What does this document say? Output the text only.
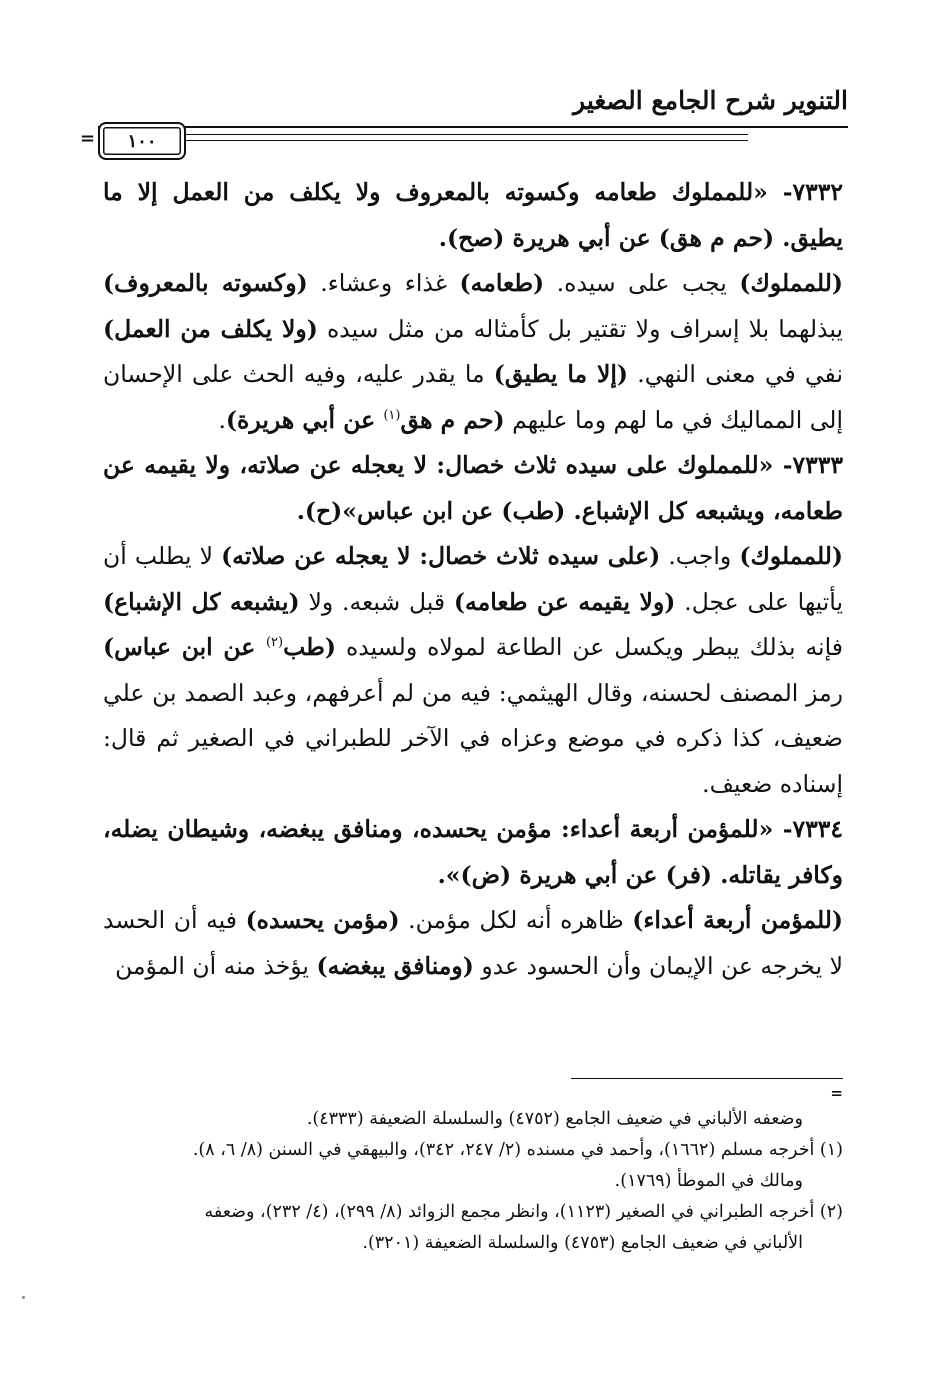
التنوير شرح الجامع الصغير
١٠٠
=

٧٣٣٢- «للمملوك طعامه وكسوته بالمعروف ولا يكلف من العمل إلا ما يطيق. (حم م هق) عن أبي هريرة (صح).

(للمملوك) يجب على سيده. (طعامه) غذاء وعشاء. (وكسوته بالمعروف) يبذلهما بلا إسراف ولا تقتير بل كأمثاله من مثل سيده (ولا يكلف من العمل) نفي في معنى النهي. (إلا ما يطيق) ما يقدر عليه، وفيه الحث على الإحسان إلى المماليك في ما لهم وما عليهم (حم م هق$^{(١)}$ عن أبي هريرة).

٧٣٣٣- «للمملوك على سيده ثلاث خصال: لا يعجله عن صلاته، ولا يقيمه عن طعامه، ويشبعه كل الإشباع. (طب) عن ابن عباس»(ح).

(للمملوك) واجب. (على سيده ثلاث خصال: لا يعجله عن صلاته) لا يطلب أن يأتيها على عجل. (ولا يقيمه عن طعامه) قبل شبعه. ولا (يشبعه كل الإشباع) فإنه بذلك يبطر ويكسل عن الطاعة لمولاه ولسيده (طب$^{(٢)}$ عن ابن عباس) رمز المصنف لحسنه، وقال الهيثمي: فيه من لم أعرفهم، وعبد الصمد بن علي ضعيف، كذا ذكره في موضع وعزاه في الآخر للطبراني في الصغير ثم قال: إسناده ضعيف.

٧٣٣٤- «للمؤمن أربعة أعداء: مؤمن يحسده، ومنافق يبغضه، وشيطان يضله، وكافر يقاتله. (فر) عن أبي هريرة (ض)».

(للمؤمن أربعة أعداء) ظاهره أنه لكل مؤمن. (مؤمن يحسده) فيه أن الحسد لا يخرجه عن الإيمان وأن الحسود عدو (ومنافق يبغضه) يؤخذ منه أن المؤمن

=

وضعفه الألباني في ضعيف الجامع (٤٧٥٢) والسلسلة الضعيفة (٤٣٣٣).

(١) أخرجه مسلم (١٦٦٢)، وأحمد في مسنده (٢/ ٢٤٧، ٣٤٢)، والبيهقي في السنن (٨/ ٦، ٨).

ومالك في الموطأ (١٧٦٩).

(٢) أخرجه الطبراني في الصغير (١١٢٣)، وانظر مجمع الزوائد (٨/ ٢٩٩)، (٤/ ٢٣٢)، وضعفه

الألباني في ضعيف الجامع (٤٧٥٣) والسلسلة الضعيفة (٣٢٠١).
